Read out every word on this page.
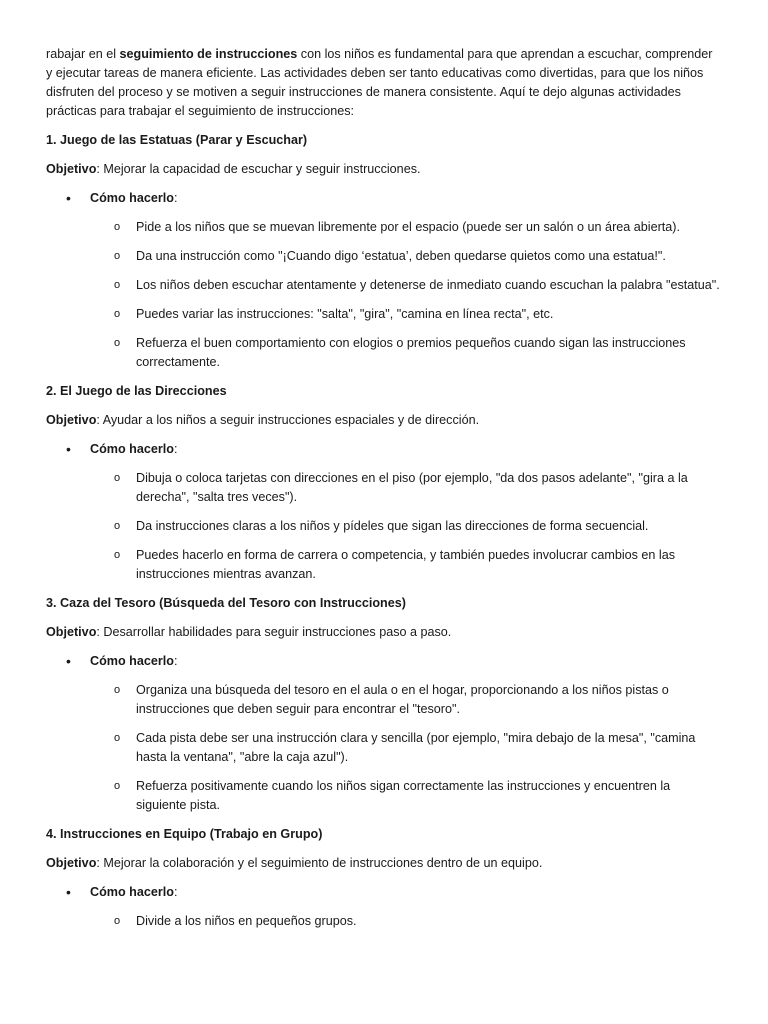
rabajar en el seguimiento de instrucciones con los niños es fundamental para que aprendan a escuchar, comprender y ejecutar tareas de manera eficiente. Las actividades deben ser tanto educativas como divertidas, para que los niños disfruten del proceso y se motiven a seguir instrucciones de manera consistente. Aquí te dejo algunas actividades prácticas para trabajar el seguimiento de instrucciones:

1. Juego de las Estatuas (Parar y Escuchar)

Objetivo: Mejorar la capacidad de escuchar y seguir instrucciones.

• Cómo hacerlo:
o Pide a los niños que se muevan libremente por el espacio (puede ser un salón o un área abierta).
o Da una instrucción como "¡Cuando digo ‘estatua’, deben quedarse quietos como una estatua!".
o Los niños deben escuchar atentamente y detenerse de inmediato cuando escuchan la palabra "estatua".
o Puedes variar las instrucciones: "salta", "gira", "camina en línea recta", etc.
o Refuerza el buen comportamiento con elogios o premios pequeños cuando sigan las instrucciones correctamente.

2. El Juego de las Direcciones

Objetivo: Ayudar a los niños a seguir instrucciones espaciales y de dirección.

• Cómo hacerlo:
o Dibuja o coloca tarjetas con direcciones en el piso (por ejemplo, "da dos pasos adelante", "gira a la derecha", "salta tres veces").
o Da instrucciones claras a los niños y pídeles que sigan las direcciones de forma secuencial.
o Puedes hacerlo en forma de carrera o competencia, y también puedes involucrar cambios en las instrucciones mientras avanzan.

3. Caza del Tesoro (Búsqueda del Tesoro con Instrucciones)

Objetivo: Desarrollar habilidades para seguir instrucciones paso a paso.

• Cómo hacerlo:
o Organiza una búsqueda del tesoro en el aula o en el hogar, proporcionando a los niños pistas o instrucciones que deben seguir para encontrar el "tesoro".
o Cada pista debe ser una instrucción clara y sencilla (por ejemplo, "mira debajo de la mesa", "camina hasta la ventana", "abre la caja azul").
o Refuerza positivamente cuando los niños sigan correctamente las instrucciones y encuentren la siguiente pista.

4. Instrucciones en Equipo (Trabajo en Grupo)

Objetivo: Mejorar la colaboración y el seguimiento de instrucciones dentro de un equipo.

• Cómo hacerlo:
o Divide a los niños en pequeños grupos.
